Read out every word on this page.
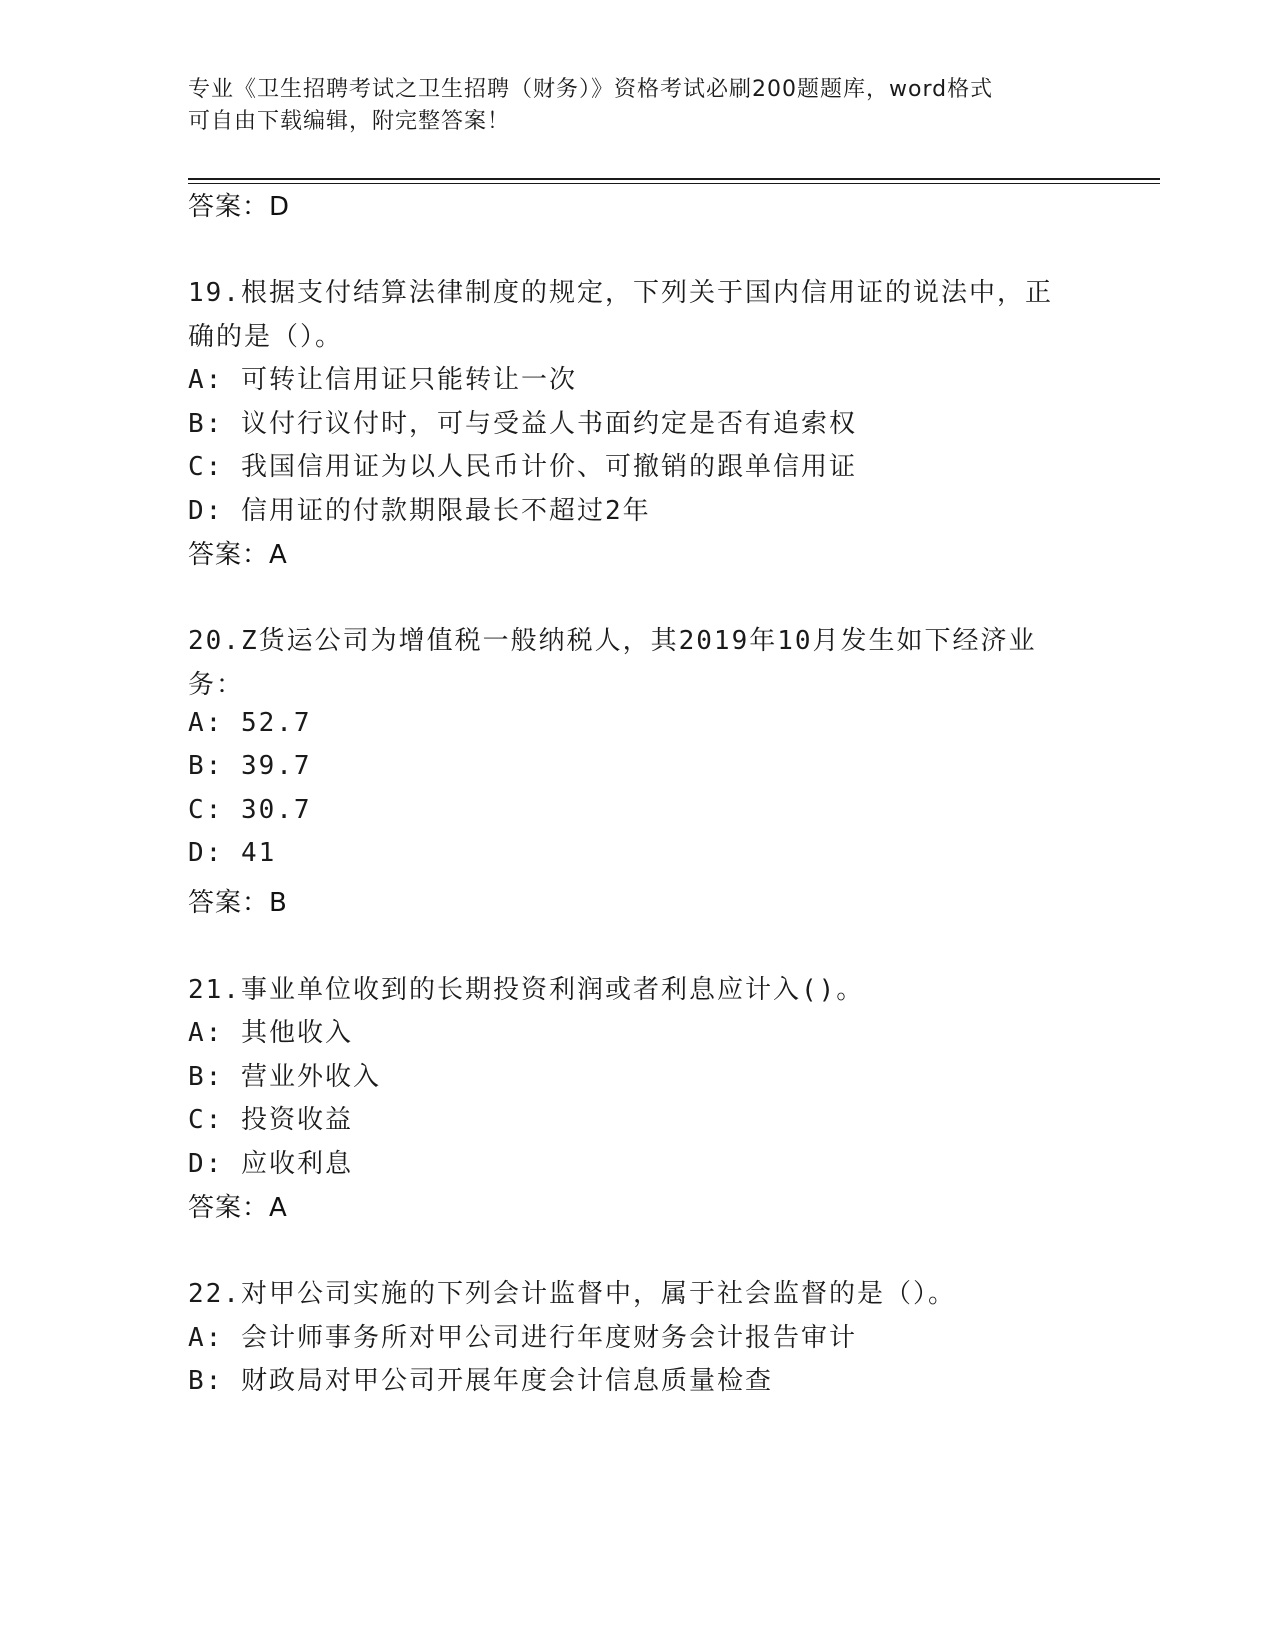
专业《卫生招聘考试之卫生招聘（财务）》资格考试必刷200题题库，word格式
可自由下载编辑，附完整答案！
答案：D
19.根据支付结算法律制度的规定，下列关于国内信用证的说法中，正
确的是（）。
A: 可转让信用证只能转让一次
B: 议付行议付时，可与受益人书面约定是否有追索权
C: 我国信用证为以人民币计价、可撤销的跟单信用证
D: 信用证的付款期限最长不超过2年
答案：A
20.Z货运公司为增值税一般纳税人，其2019年10月发生如下经济业
务：
A: 52.7
B: 39.7
C: 30.7
D: 41
答案：B
21.事业单位收到的长期投资利润或者利息应计入()。
A: 其他收入
B: 营业外收入
C: 投资收益
D: 应收利息
答案：A
22.对甲公司实施的下列会计监督中，属于社会监督的是（）。
A: 会计师事务所对甲公司进行年度财务会计报告审计
B: 财政局对甲公司开展年度会计信息质量检查
